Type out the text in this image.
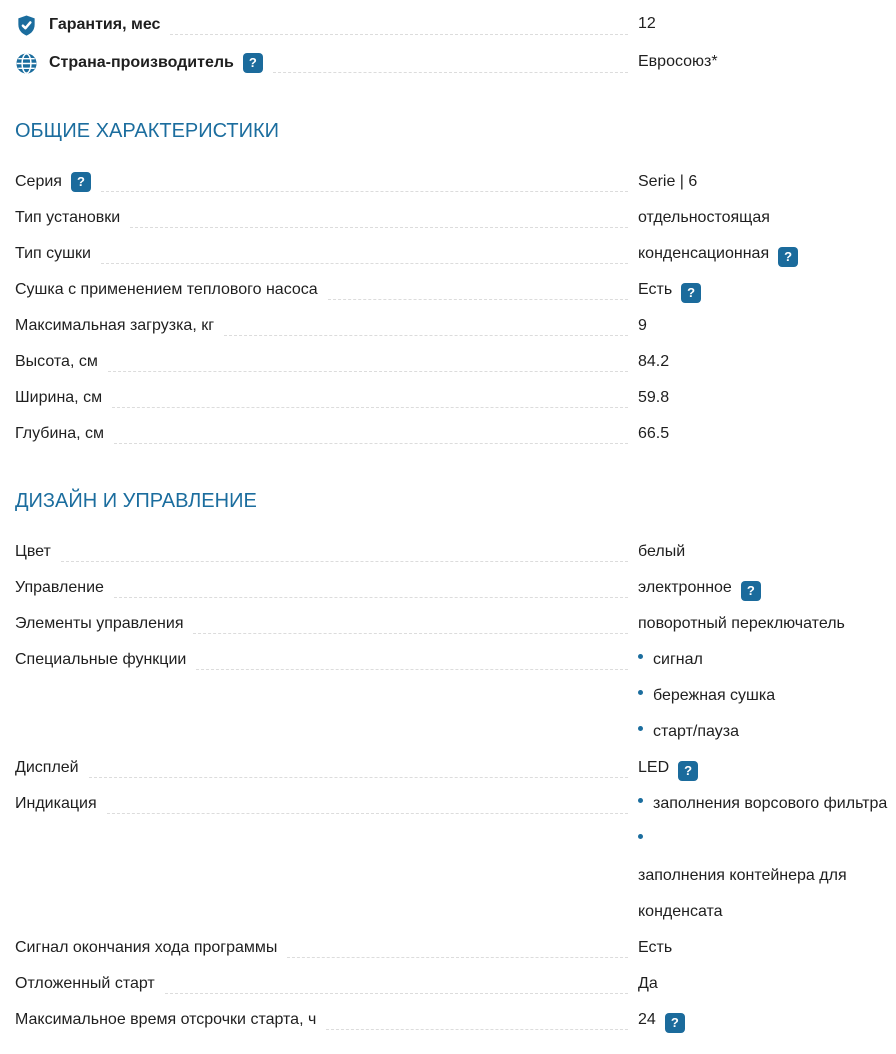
Гарантия, мес	12
Страна-производитель	?	Евросоюз*
ОБЩИЕ ХАРАКТЕРИСТИКИ
Серия	?	Serie | 6
Тип установки	отдельностоящая
Тип сушки	конденсационная	?
Сушка с применением теплового насоса	Есть	?
Максимальная загрузка, кг	9
Высота, см	84.2
Ширина, см	59.8
Глубина, см	66.5
ДИЗАЙН И УПРАВЛЕНИЕ
Цвет	белый
Управление	электронное	?
Элементы управления	поворотный переключатель
Специальные функции	сигнал
бережная сушка
старт/пауза
Дисплей	LED	?
Индикация	заполнения ворсового фильтра
заполнения контейнера для конденсата
Сигнал окончания хода программы	Есть
Отложенный старт	Да
Максимальное время отсрочки старта, ч	24	?
